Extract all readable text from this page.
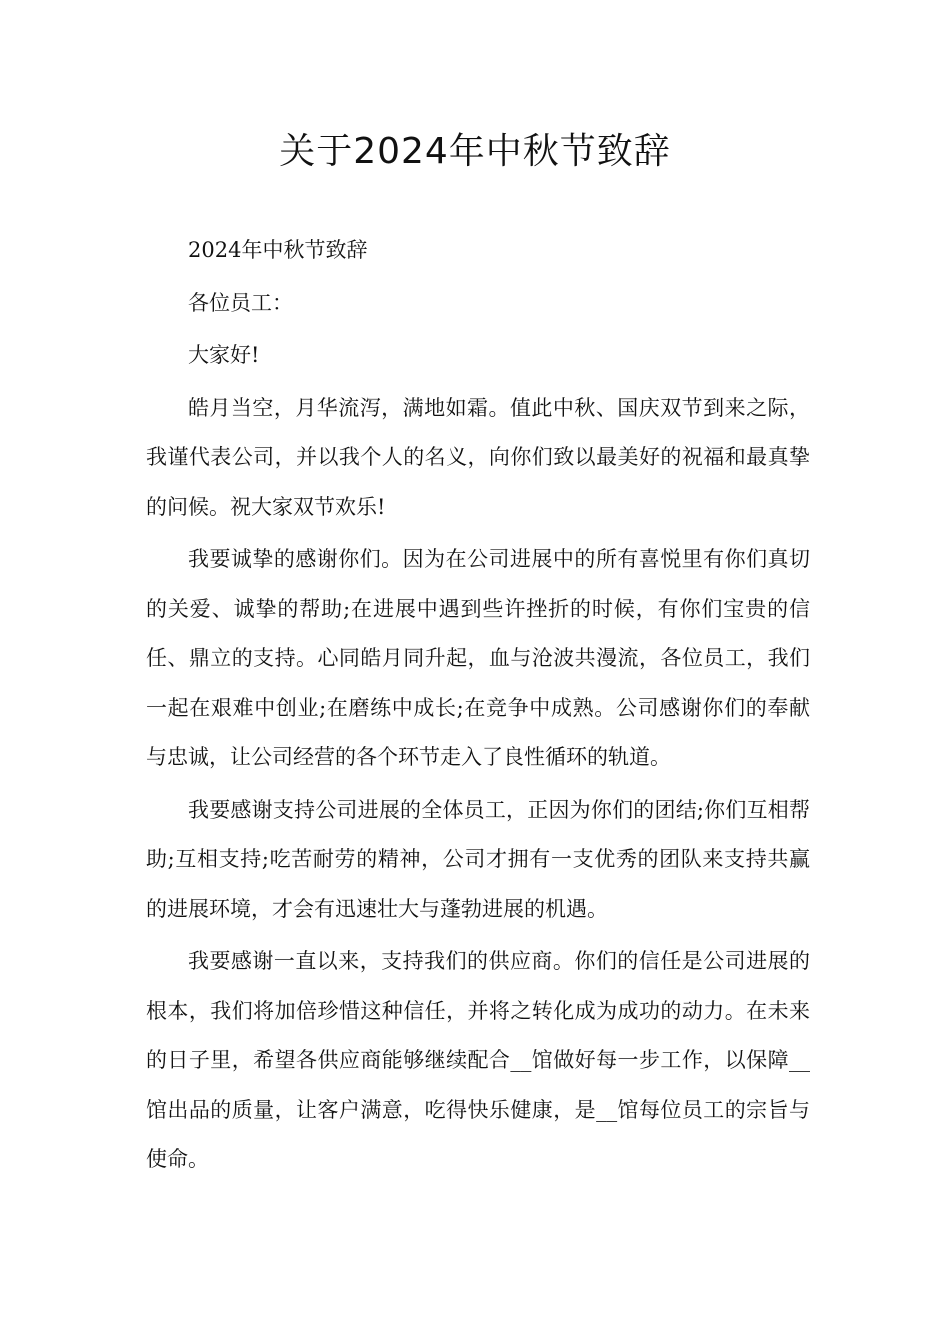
关于2024年中秋节致辞

2024年中秋节致辞

各位员工：

大家好!

皓月当空，月华流泻，满地如霜。值此中秋、国庆双节到来之际，我谨代表公司，并以我个人的名义，向你们致以最美好的祝福和最真挚的问候。祝大家双节欢乐!

我要诚挚的感谢你们。因为在公司进展中的所有喜悦里有你们真切的关爱、诚挚的帮助;在进展中遇到些许挫折的时候，有你们宝贵的信任、鼎立的支持。心同皓月同升起，血与沧波共漫流，各位员工，我们一起在艰难中创业;在磨练中成长;在竞争中成熟。公司感谢你们的奉献与忠诚，让公司经营的各个环节走入了良性循环的轨道。

我要感谢支持公司进展的全体员工，正因为你们的团结;你们互相帮助;互相支持;吃苦耐劳的精神，公司才拥有一支优秀的团队来支持共赢的进展环境，才会有迅速壮大与蓬勃进展的机遇。

我要感谢一直以来，支持我们的供应商。你们的信任是公司进展的根本，我们将加倍珍惜这种信任，并将之转化成为成功的动力。在未来的日子里，希望各供应商能够继续配合__馆做好每一步工作，以保障__馆出品的质量，让客户满意，吃得快乐健康，是__馆每位员工的宗旨与使命。
